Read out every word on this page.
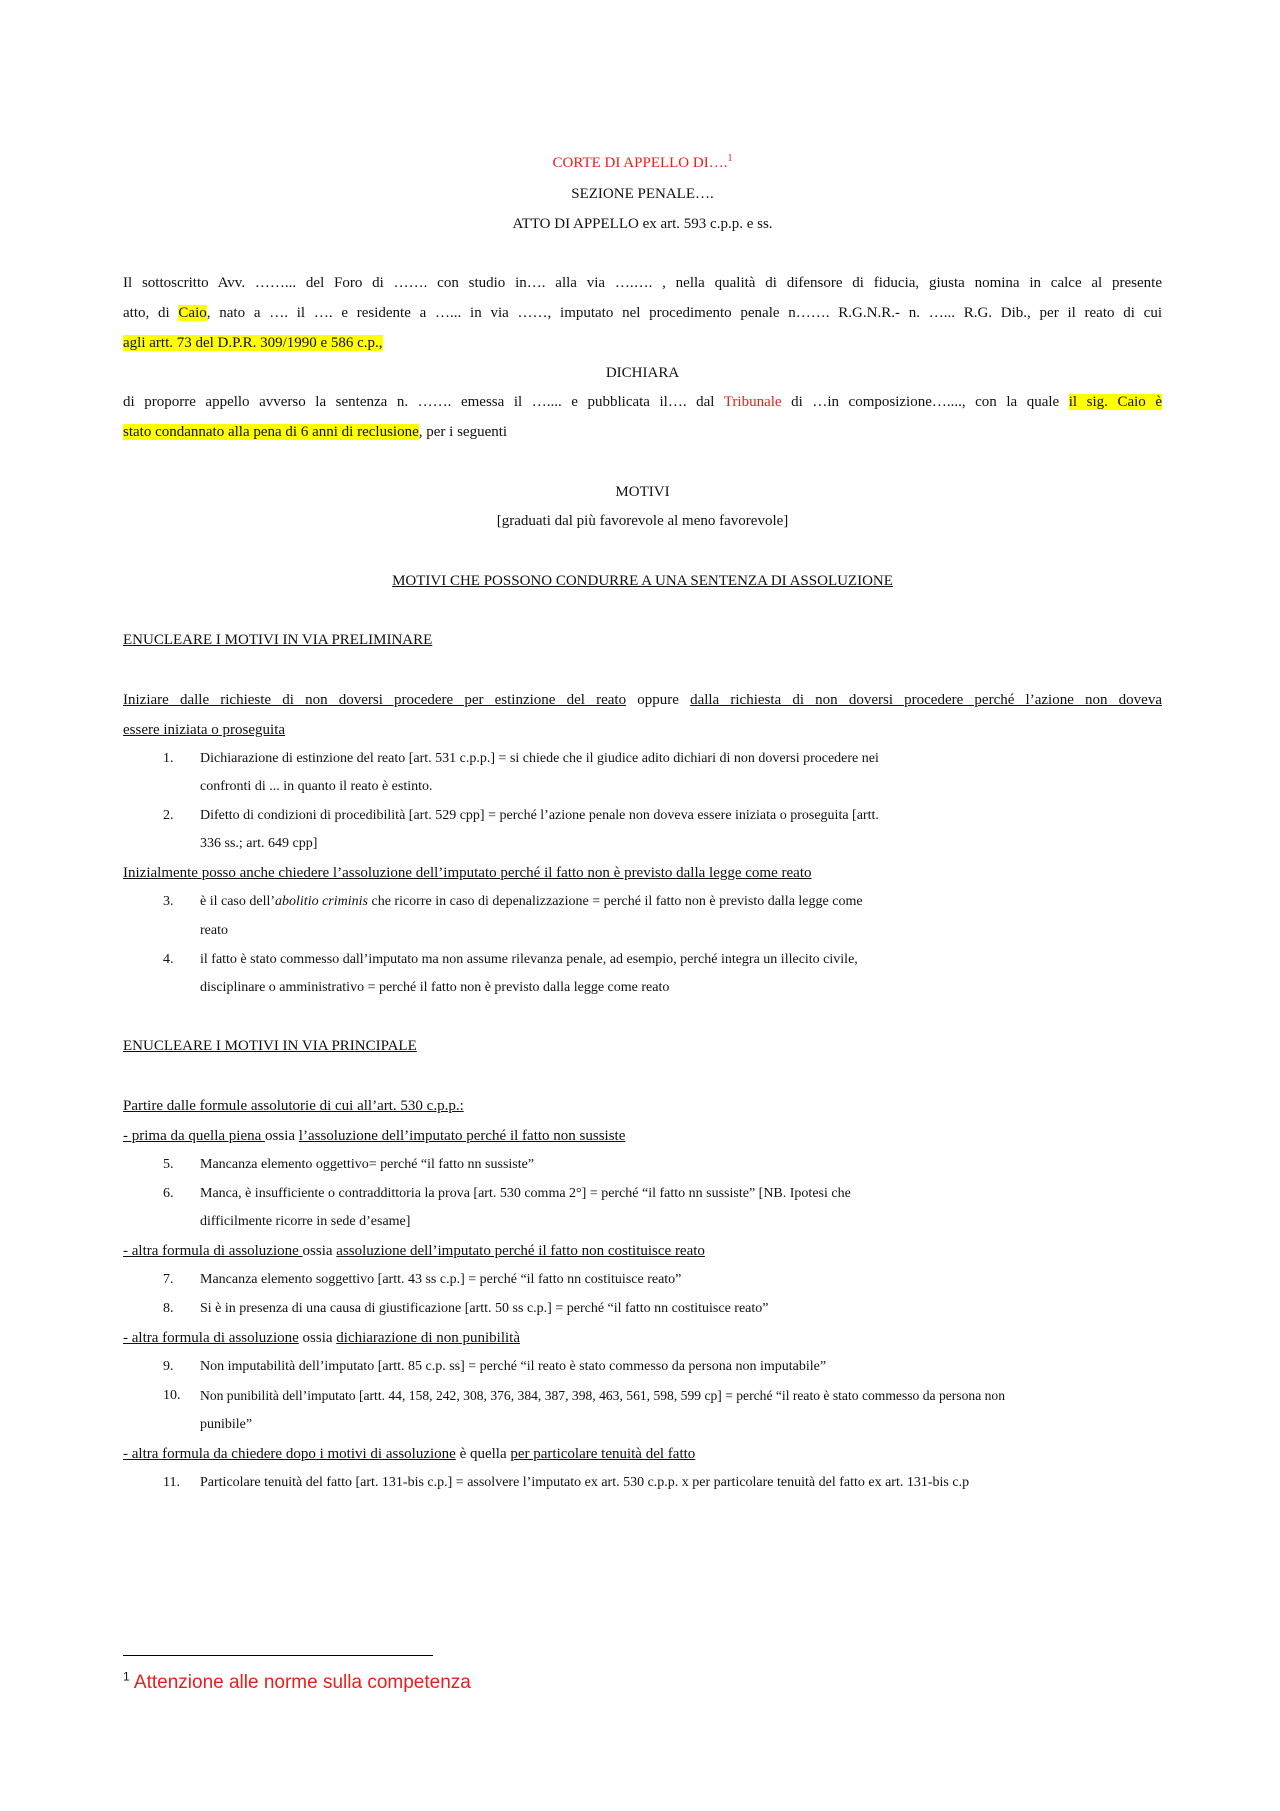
CORTE DI APPELLO DI….$^1$
SEZIONE PENALE….
ATTO DI APPELLO ex art. 593 c.p.p. e ss.
Il sottoscritto Avv. ……... del Foro di ……. con studio in…. alla via ….…. , nella qualità di difensore di fiducia, giusta nomina in calce al presente
atto, di Caio, nato a …. il …. e residente a …... in via ……, imputato nel procedimento penale n……. R.G.N.R.- n. …... R.G. Dib., per il reato di cui
agli artt. 73 del D.P.R. 309/1990 e 586 c.p.,
DICHIARA
di proporre appello avverso la sentenza n. ……. emessa il ….... e pubblicata il…. dal Tribunale di …in composizione…...., con la quale il sig. Caio è
stato condannato alla pena di 6 anni di reclusione, per i seguenti
MOTIVI
[graduati dal più favorevole al meno favorevole]
MOTIVI CHE POSSONO CONDURRE A UNA SENTENZA DI ASSOLUZIONE
ENUCLEARE I MOTIVI IN VIA PRELIMINARE
Iniziare dalle richieste di non doversi procedere per estinzione del reato oppure dalla richiesta di non doversi procedere perché l’azione non doveva
essere iniziata o proseguita
1. Dichiarazione di estinzione del reato [art. 531 c.p.p.] = si chiede che il giudice adito dichiari di non doversi procedere nei
confronti di ... in quanto il reato è estinto.
2. Difetto di condizioni di procedibilità [art. 529 cpp] = perché l’azione penale non doveva essere iniziata o proseguita [artt.
336 ss.; art. 649 cpp]
Inizialmente posso anche chiedere l’assoluzione dell’imputato perché il fatto non è previsto dalla legge come reato
3. è il caso dell’abolitio criminis che ricorre in caso di depenalizzazione = perché il fatto non è previsto dalla legge come
reato
4. il fatto è stato commesso dall’imputato ma non assume rilevanza penale, ad esempio, perché integra un illecito civile,
disciplinare o amministrativo = perché il fatto non è previsto dalla legge come reato
ENUCLEARE I MOTIVI IN VIA PRINCIPALE
Partire dalle formule assolutorie di cui all’art. 530 c.p.p.:
- prima da quella piena ossia l’assoluzione dell’imputato perché il fatto non sussiste
5. Mancanza elemento oggettivo= perché “il fatto nn sussiste”
6. Manca, è insufficiente o contraddittoria la prova [art. 530 comma 2°] = perché “il fatto nn sussiste” [NB. Ipotesi che
difficilmente ricorre in sede d’esame]
- altra formula di assoluzione ossia assoluzione dell’imputato perché il fatto non costituisce reato
7. Mancanza elemento soggettivo [artt. 43 ss c.p.] = perché “il fatto nn costituisce reato”
8. Si è in presenza di una causa di giustificazione [artt. 50 ss c.p.] = perché “il fatto nn costituisce reato”
- altra formula di assoluzione ossia dichiarazione di non punibilità
9. Non imputabilità dell’imputato [artt. 85 c.p. ss] = perché “il reato è stato commesso da persona non imputabile”
10. Non punibilità dell’imputato [artt. 44, 158, 242, 308, 376, 384, 387, 398, 463, 561, 598, 599 cp] = perché “il reato è stato commesso da persona non
punibile”
- altra formula da chiedere dopo i motivi di assoluzione è quella per particolare tenuità del fatto
11. Particolare tenuità del fatto [art. 131-bis c.p.] = assolvere l’imputato ex art. 530 c.p.p. x per particolare tenuità del fatto ex art. 131-bis c.p
$^1$ Attenzione alle norme sulla competenza
